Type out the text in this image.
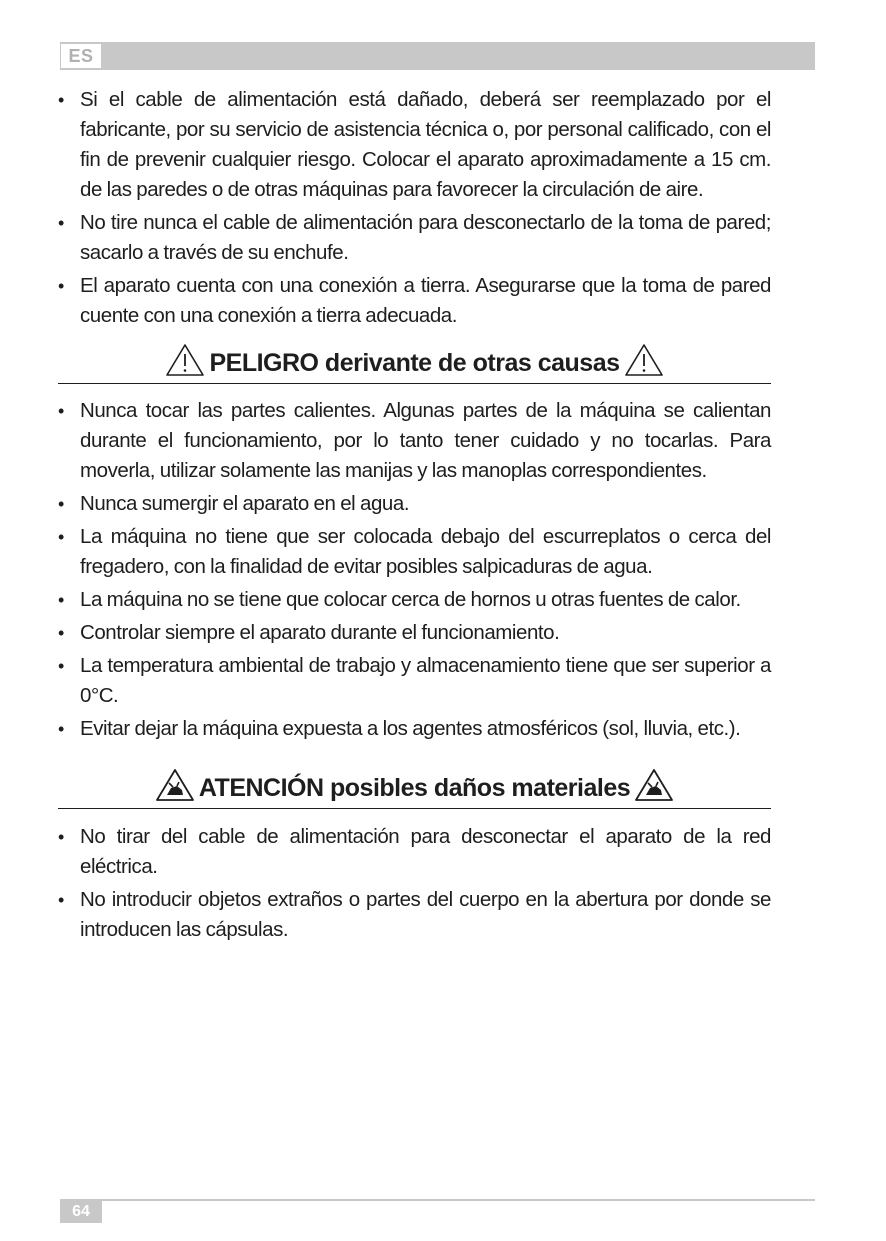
ES
• Si el cable de alimentación está dañado, deberá ser reemplazado por el fabricante, por su servicio de asistencia técnica o, por personal calificado, con el fin de prevenir cualquier riesgo. Colocar el aparato aproximadamente a 15 cm. de las paredes o de otras máquinas para favorecer la circulación de aire.
• No tire nunca el cable de alimentación para desconectarlo de la toma de pared; sacarlo a través de su enchufe.
• El aparato cuenta con una conexión a tierra. Asegurarse que la toma de pared cuente con una conexión a tierra adecuada.
PELIGRO derivante de otras causas
• Nunca tocar las partes calientes. Algunas partes de la máquina se calientan durante el funcionamiento, por lo tanto tener cuidado y no tocarlas. Para moverla, utilizar solamente las manijas y las manoplas correspondientes.
• Nunca sumergir el aparato en el agua.
• La máquina no tiene que ser colocada debajo del escurreplatos o cerca del fregadero, con la finalidad de evitar posibles salpicaduras de agua.
• La máquina no se tiene que colocar cerca de hornos u otras fuentes de calor.
• Controlar siempre el aparato durante el funcionamiento.
• La temperatura ambiental de trabajo y almacenamiento tiene que ser superior a 0°C.
• Evitar dejar la máquina expuesta a los agentes atmosféricos (sol, lluvia, etc.).
ATENCIÓN posibles daños materiales
• No tirar del cable de alimentación para desconectar el aparato de la red eléctrica.
• No introducir objetos extraños o partes del cuerpo en la abertura por donde se introducen las cápsulas.
64
